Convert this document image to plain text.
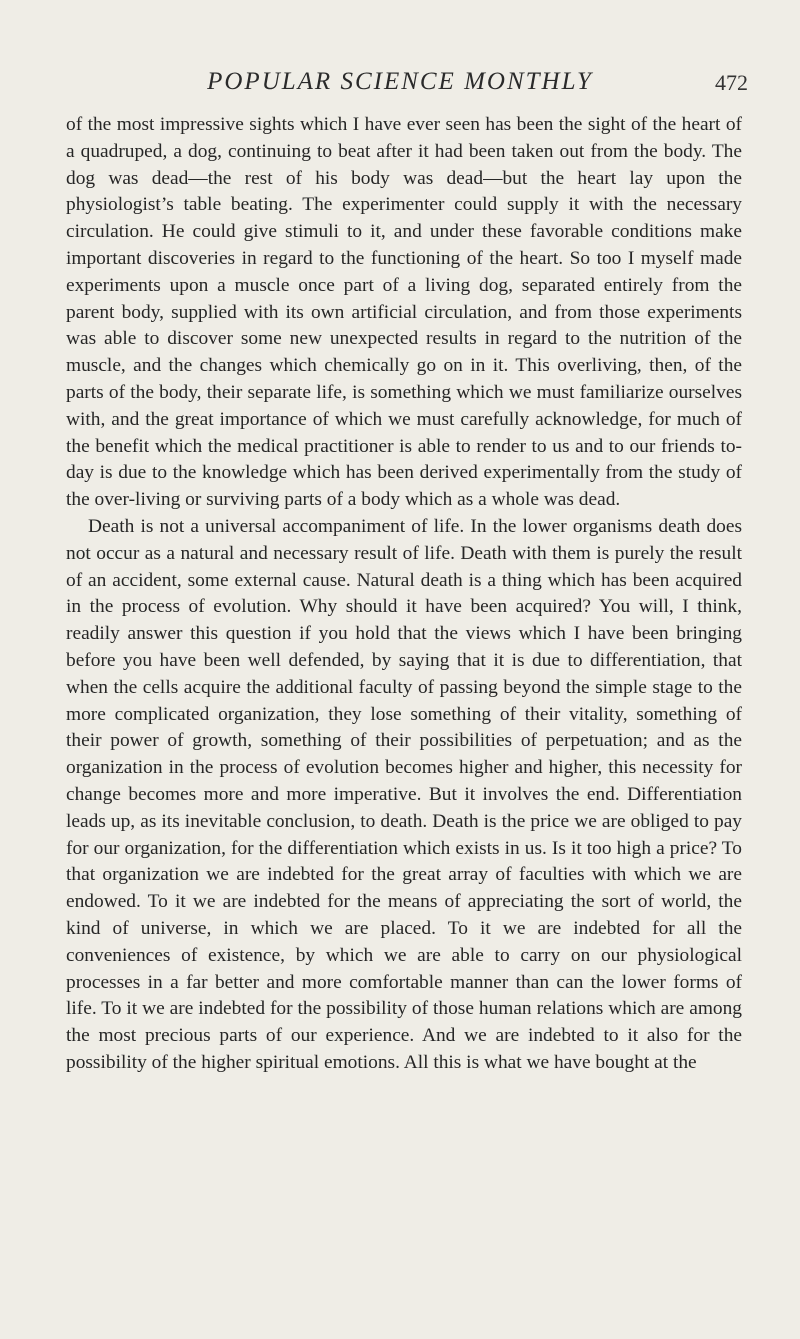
POPULAR SCIENCE MONTHLY	472

of the most impressive sights which I have ever seen has been the sight of the heart of a quadruped, a dog, continuing to beat after it had been taken out from the body. The dog was dead—the rest of his body was dead—but the heart lay upon the physiologist’s table beating. The experimenter could supply it with the necessary circulation. He could give stimuli to it, and under these favorable conditions make important discoveries in regard to the functioning of the heart. So too I myself made experiments upon a muscle once part of a living dog, separated entirely from the parent body, supplied with its own artificial circulation, and from those experiments was able to discover some new unexpected results in regard to the nutrition of the muscle, and the changes which chemically go on in it. This overliving, then, of the parts of the body, their separate life, is something which we must familiarize ourselves with, and the great importance of which we must carefully acknowledge, for much of the benefit which the medical practitioner is able to render to us and to our friends to-day is due to the knowledge which has been derived experimentally from the study of the over-living or surviving parts of a body which as a whole was dead.

Death is not a universal accompaniment of life. In the lower organisms death does not occur as a natural and necessary result of life. Death with them is purely the result of an accident, some external cause. Natural death is a thing which has been acquired in the process of evolution. Why should it have been acquired? You will, I think, readily answer this question if you hold that the views which I have been bringing before you have been well defended, by saying that it is due to differentiation, that when the cells acquire the additional faculty of passing beyond the simple stage to the more complicated organization, they lose something of their vitality, something of their power of growth, something of their possibilities of perpetuation; and as the organization in the process of evolution becomes higher and higher, this necessity for change becomes more and more imperative. But it involves the end. Differentiation leads up, as its inevitable conclusion, to death. Death is the price we are obliged to pay for our organization, for the differentiation which exists in us. Is it too high a price? To that organization we are indebted for the great array of faculties with which we are endowed. To it we are indebted for the means of appreciating the sort of world, the kind of universe, in which we are placed. To it we are indebted for all the conveniences of existence, by which we are able to carry on our physiological processes in a far better and more comfortable manner than can the lower forms of life. To it we are indebted for the possibility of those human relations which are among the most precious parts of our experience. And we are indebted to it also for the possibility of the higher spiritual emotions. All this is what we have bought at the
